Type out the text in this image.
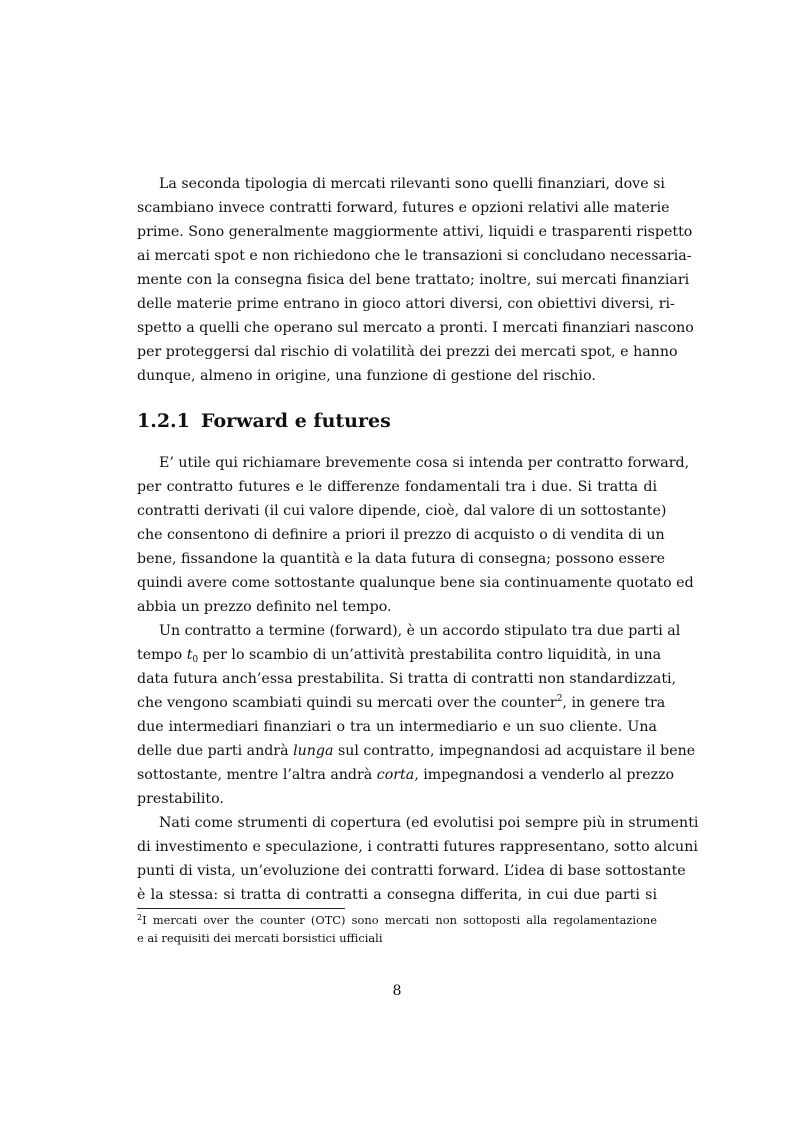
La seconda tipologia di mercati rilevanti sono quelli finanziari, dove si
scambiano invece contratti forward, futures e opzioni relativi alle materie
prime. Sono generalmente maggiormente attivi, liquidi e trasparenti rispetto
ai mercati spot e non richiedono che le transazioni si concludano necessaria-
mente con la consegna fisica del bene trattato; inoltre, sui mercati finanziari
delle materie prime entrano in gioco attori diversi, con obiettivi diversi, ri-
spetto a quelli che operano sul mercato a pronti. I mercati finanziari nascono
per proteggersi dal rischio di volatilità dei prezzi dei mercati spot, e hanno
dunque, almeno in origine, una funzione di gestione del rischio.
1.2.1 Forward e futures
E’ utile qui richiamare brevemente cosa si intenda per contratto forward,
per contratto futures e le differenze fondamentali tra i due. Si tratta di
contratti derivati (il cui valore dipende, cioè, dal valore di un sottostante)
che consentono di definire a priori il prezzo di acquisto o di vendita di un
bene, fissandone la quantità e la data futura di consegna; possono essere
quindi avere come sottostante qualunque bene sia continuamente quotato ed
abbia un prezzo definito nel tempo.
Un contratto a termine (forward), è un accordo stipulato tra due parti al
tempo $t_0$ per lo scambio di un’attività prestabilita contro liquidità, in una
data futura anch’essa prestabilita. Si tratta di contratti non standardizzati,
che vengono scambiati quindi su mercati over the counter$^2$, in genere tra
due intermediari finanziari o tra un intermediario e un suo cliente. Una
delle due parti andrà lunga sul contratto, impegnandosi ad acquistare il bene
sottostante, mentre l’altra andrà corta, impegnandosi a venderlo al prezzo
prestabilito.
Nati come strumenti di copertura (ed evolutisi poi sempre più in strumenti
di investimento e speculazione, i contratti futures rappresentano, sotto alcuni
punti di vista, un’evoluzione dei contratti forward. L’idea di base sottostante
è la stessa: si tratta di contratti a consegna differita, in cui due parti si
$^2$I mercati over the counter (OTC) sono mercati non sottoposti alla regolamentazione
e ai requisiti dei mercati borsistici ufficiali
8
